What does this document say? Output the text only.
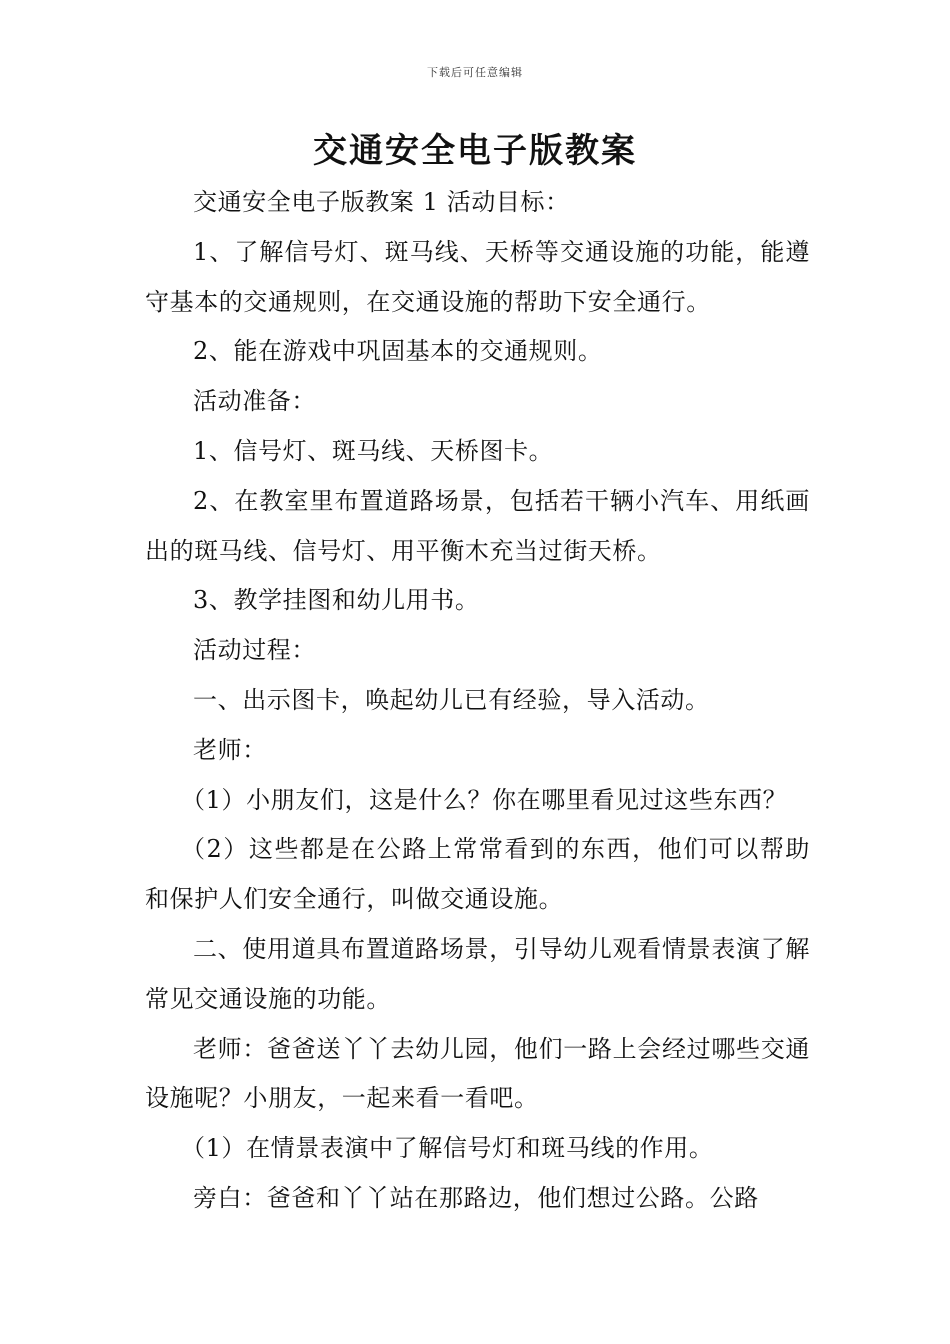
下载后可任意编辑
交通安全电子版教案

交通安全电子版教案 1 活动目标：

1、了解信号灯、斑马线、天桥等交通设施的功能，能遵守基本的交通规则，在交通设施的帮助下安全通行。

2、能在游戏中巩固基本的交通规则。

活动准备：

1、信号灯、斑马线、天桥图卡。

2、在教室里布置道路场景，包括若干辆小汽车、用纸画出的斑马线、信号灯、用平衡木充当过街天桥。

3、教学挂图和幼儿用书。

活动过程：

一、出示图卡，唤起幼儿已有经验，导入活动。

老师：

（1）小朋友们，这是什么？你在哪里看见过这些东西？

（2）这些都是在公路上常常看到的东西，他们可以帮助和保护人们安全通行，叫做交通设施。

二、使用道具布置道路场景，引导幼儿观看情景表演了解常见交通设施的功能。

老师：爸爸送丫丫去幼儿园，他们一路上会经过哪些交通设施呢？小朋友，一起来看一看吧。

（1）在情景表演中了解信号灯和斑马线的作用。

旁白：爸爸和丫丫站在那路边，他们想过公路。公路
